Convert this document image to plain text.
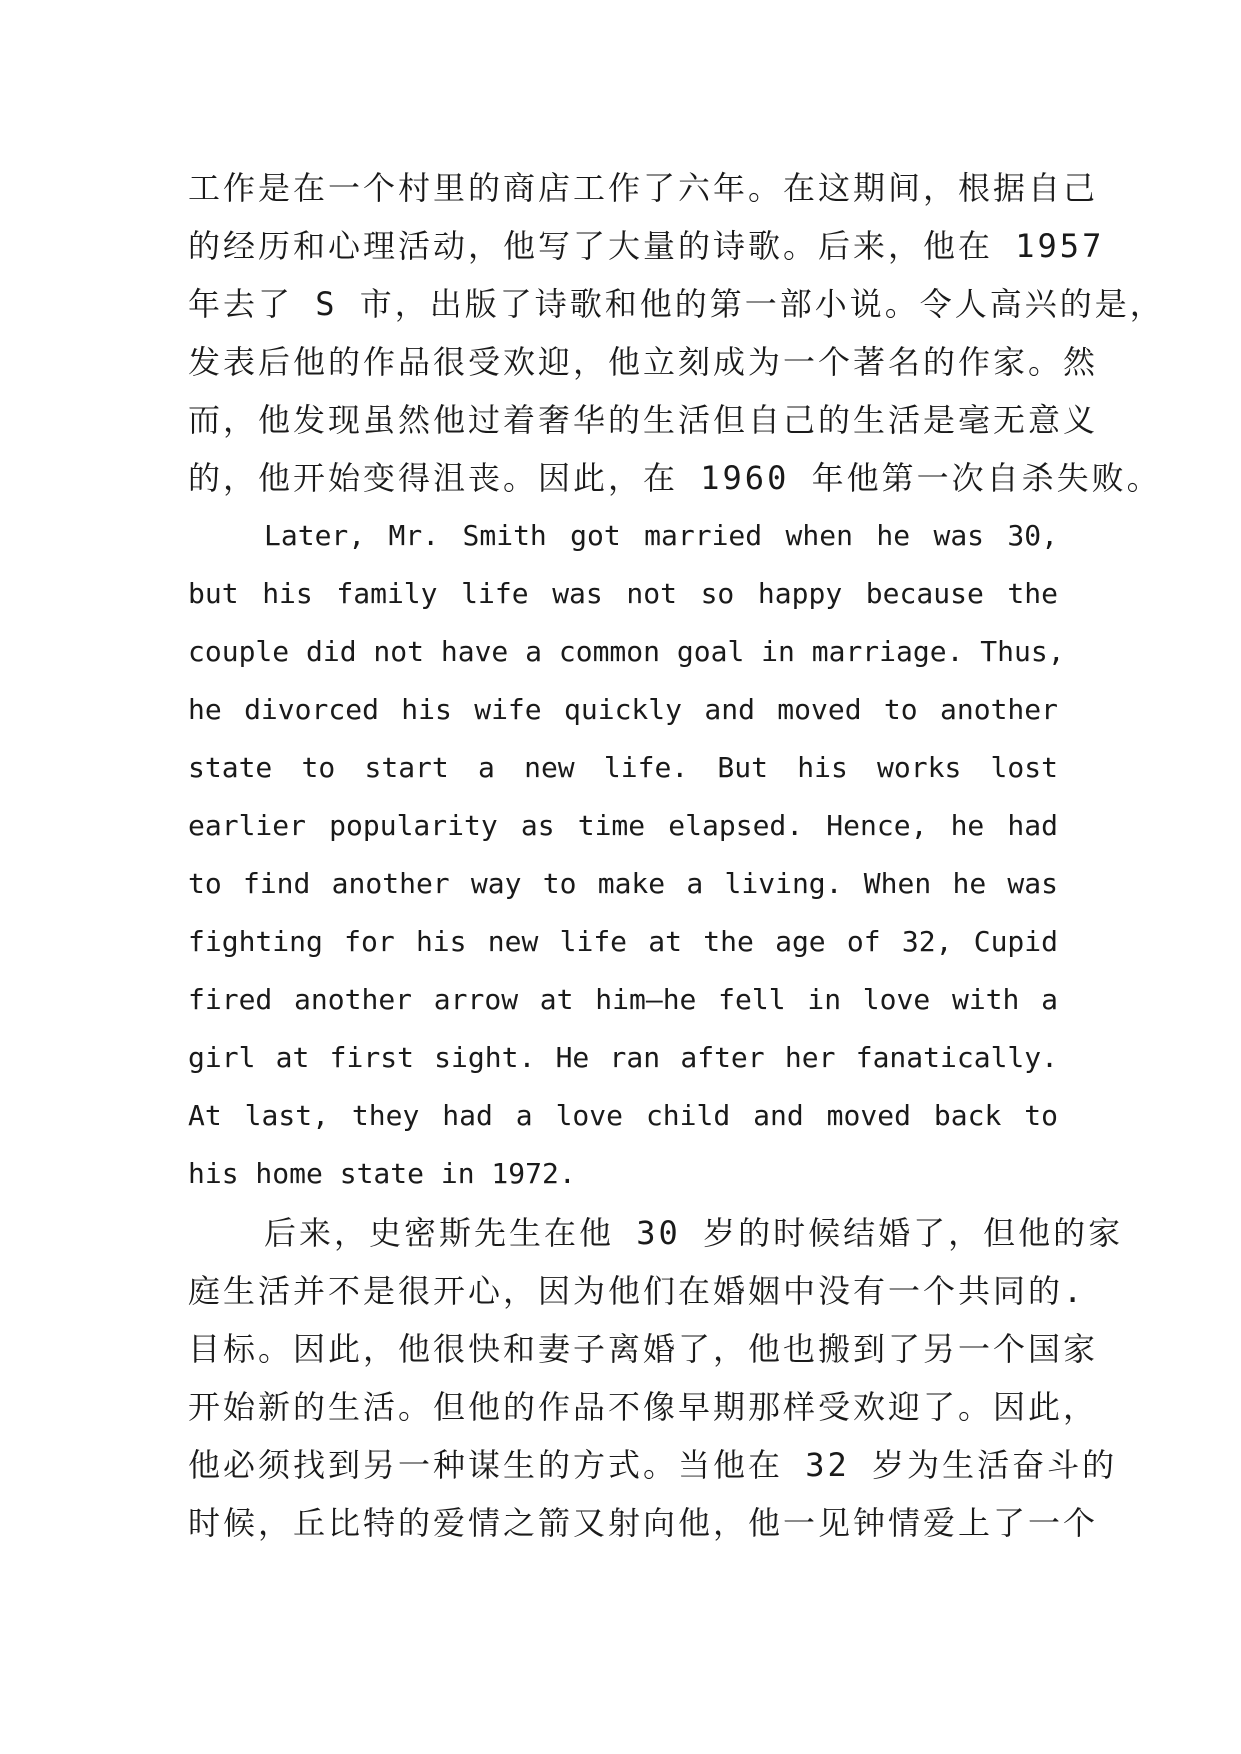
工作是在一个村里的商店工作了六年。在这期间，根据自己
的经历和心理活动，他写了大量的诗歌。后来，他在 1957
年去了 S 市，出版了诗歌和他的第一部小说。令人高兴的是，
发表后他的作品很受欢迎，他立刻成为一个著名的作家。然
而，他发现虽然他过着奢华的生活但自己的生活是毫无意义
的，他开始变得沮丧。因此，在 1960 年他第一次自杀失败。
Later, Mr. Smith got married when he was 30,
but his family life was not so happy because the
couple did not have a common goal in marriage. Thus,
he divorced his wife quickly and moved to another
state to start a new life. But his works lost
earlier popularity as time elapsed. Hence, he had
to find another way to make a living. When he was
fighting for his new life at the age of 32, Cupid
fired another arrow at him—he fell in love with a
girl at first sight. He ran after her fanatically.
At last, they had a love child and moved back to
his home state in 1972.
后来，史密斯先生在他 30 岁的时候结婚了，但他的家
庭生活并不是很开心，因为他们在婚姻中没有一个共同的.
目标。因此，他很快和妻子离婚了，他也搬到了另一个国家
开始新的生活。但他的作品不像早期那样受欢迎了。因此，
他必须找到另一种谋生的方式。当他在 32 岁为生活奋斗的
时候，丘比特的爱情之箭又射向他，他一见钟情爱上了一个
